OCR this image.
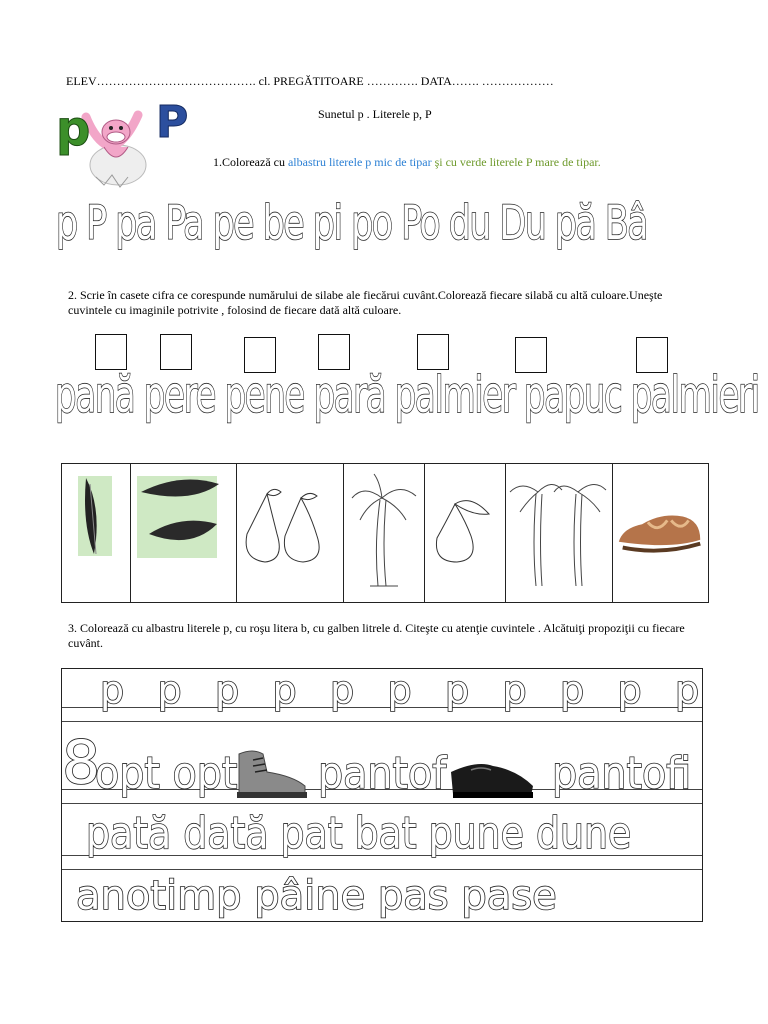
ELEV…………………………………. cl. PREGĂTITOARE …………. DATA……. ………………
Sunetul p . Literele p, P
p P
1.Colorează cu albastru literele p mic de tipar şi cu verde literele P mare de tipar.
p P pa Pa pe be pi po Po du Du pă Bâ
2. Scrie în casete cifra ce corespunde numărului de silabe ale fiecărui cuvânt.Colorează fiecare silabă cu altă culoare.Uneşte cuvintele cu imaginile potrivite , folosind de fiecare dată altă culoare.
pană pere pene pară palmier papuc palmieri
3. Colorează cu albastru literele p, cu roşu litera b, cu galben litrele d. Citeşte cu atenţie cuvintele . Alcătuiţi propoziţii cu fiecare cuvânt.
p p p p p p p p p p p
8
opt opt pantof pantofi
pată dată pat bat pune dune
anotimp pâine pas pase
